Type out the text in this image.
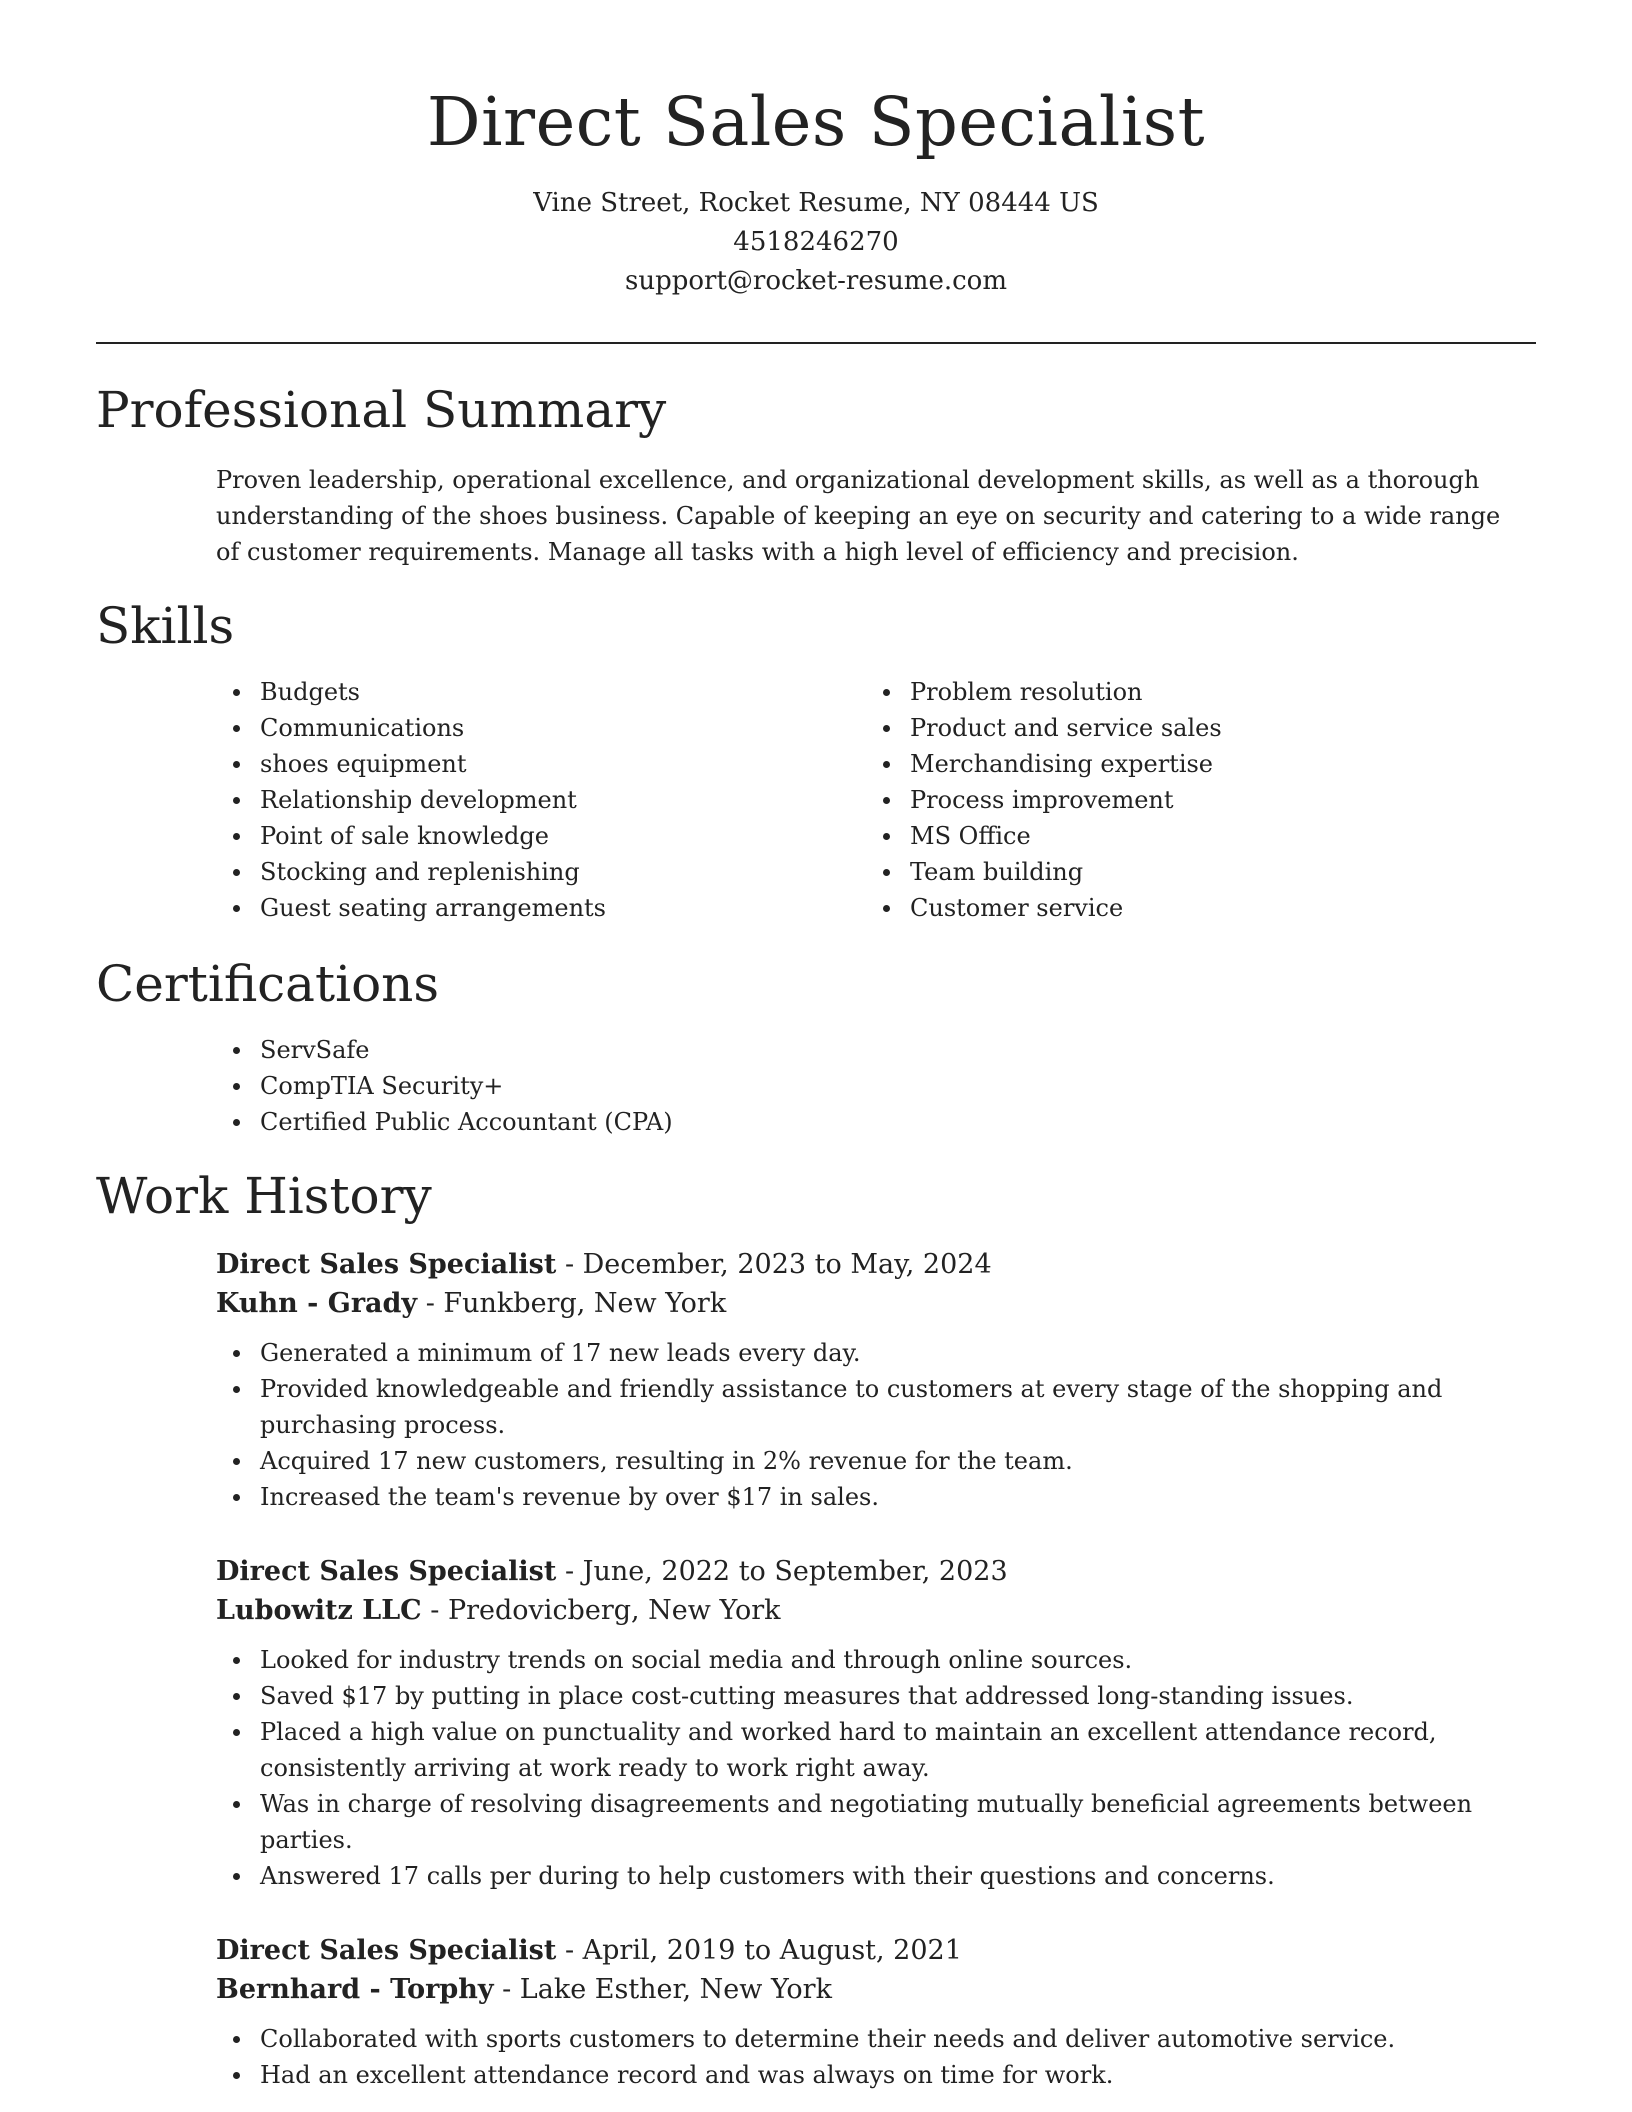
Direct Sales Specialist

Vine Street, Rocket Resume, NY 08444 US

4518246270

support@rocket-resume.com

Professional Summary

Proven leadership, operational excellence, and organizational development skills, as well as a thorough understanding of the shoes business. Capable of keeping an eye on security and catering to a wide range of customer requirements. Manage all tasks with a high level of efficiency and precision.

Skills
Budgets
Communications
shoes equipment
Relationship development
Point of sale knowledge
Stocking and replenishing
Guest seating arrangements
Problem resolution
Product and service sales
Merchandising expertise
Process improvement
MS Office
Team building
Customer service
Certifications
ServSafe
CompTIA Security+
Certified Public Accountant (CPA)
Work History

Direct Sales Specialist - December, 2023 to May, 2024

Kuhn - Grady - Funkberg, New York

Generated a minimum of 17 new leads every day.
Provided knowledgeable and friendly assistance to customers at every stage of the shopping and purchasing process.
Acquired 17 new customers, resulting in 2% revenue for the team.
Increased the team's revenue by over $17 in sales.

Direct Sales Specialist - June, 2022 to September, 2023

Lubowitz LLC - Predovicberg, New York

Looked for industry trends on social media and through online sources.
Saved $17 by putting in place cost-cutting measures that addressed long-standing issues.
Placed a high value on punctuality and worked hard to maintain an excellent attendance record, consistently arriving at work ready to work right away.
Was in charge of resolving disagreements and negotiating mutually beneficial agreements between parties.
Answered 17 calls per during to help customers with their questions and concerns.

Direct Sales Specialist - April, 2019 to August, 2021

Bernhard - Torphy - Lake Esther, New York

Collaborated with sports customers to determine their needs and deliver automotive service.
Had an excellent attendance record and was always on time for work.
